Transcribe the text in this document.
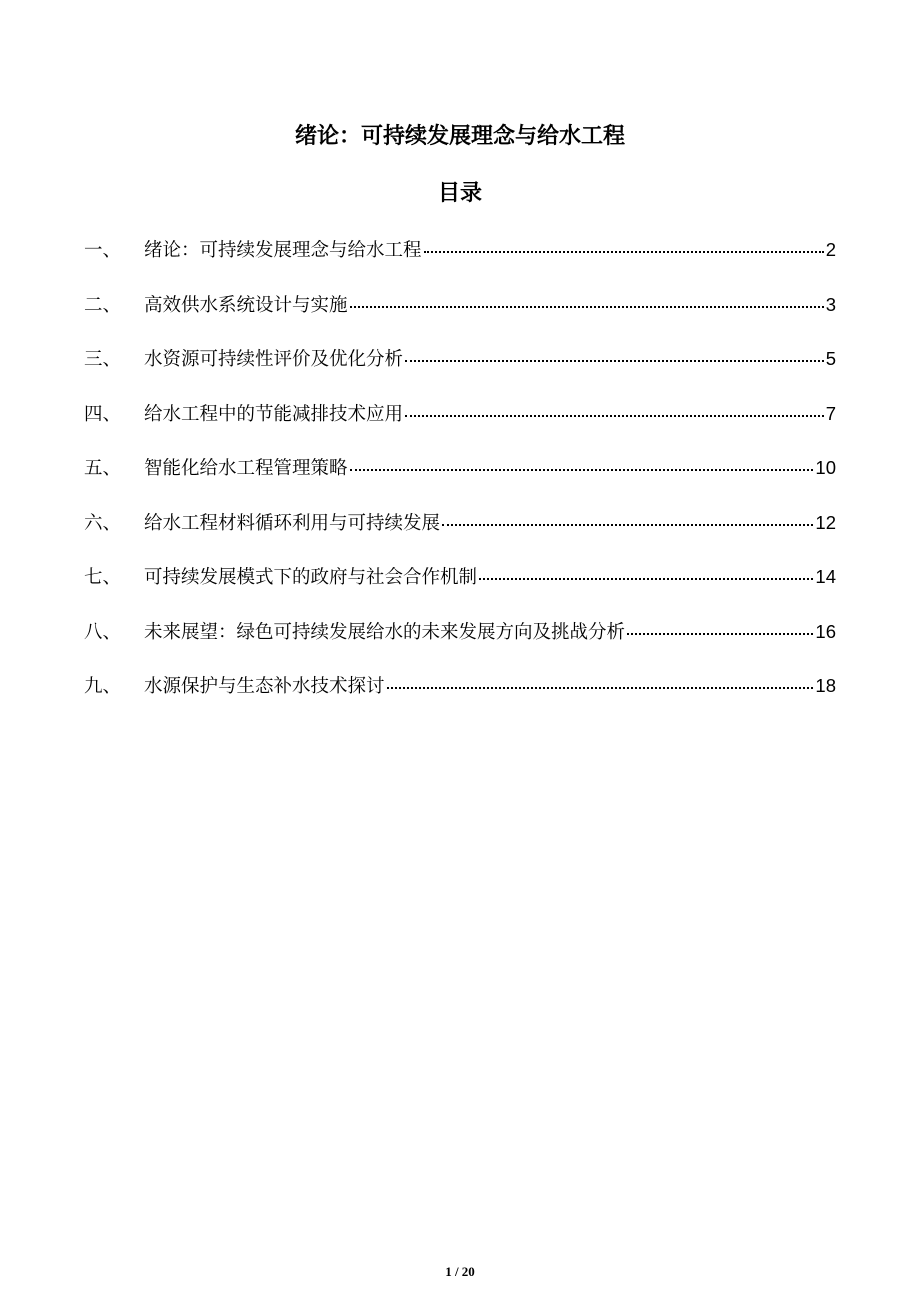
绪论：可持续发展理念与给水工程
目录
一、	绪论：可持续发展理念与给水工程	2
二、	高效供水系统设计与实施	3
三、	水资源可持续性评价及优化分析	5
四、	给水工程中的节能减排技术应用	7
五、	智能化给水工程管理策略	10
六、	给水工程材料循环利用与可持续发展	12
七、	可持续发展模式下的政府与社会合作机制	14
八、	未来展望：绿色可持续发展给水的未来发展方向及挑战分析	16
九、	水源保护与生态补水技术探讨	18
1 / 20
